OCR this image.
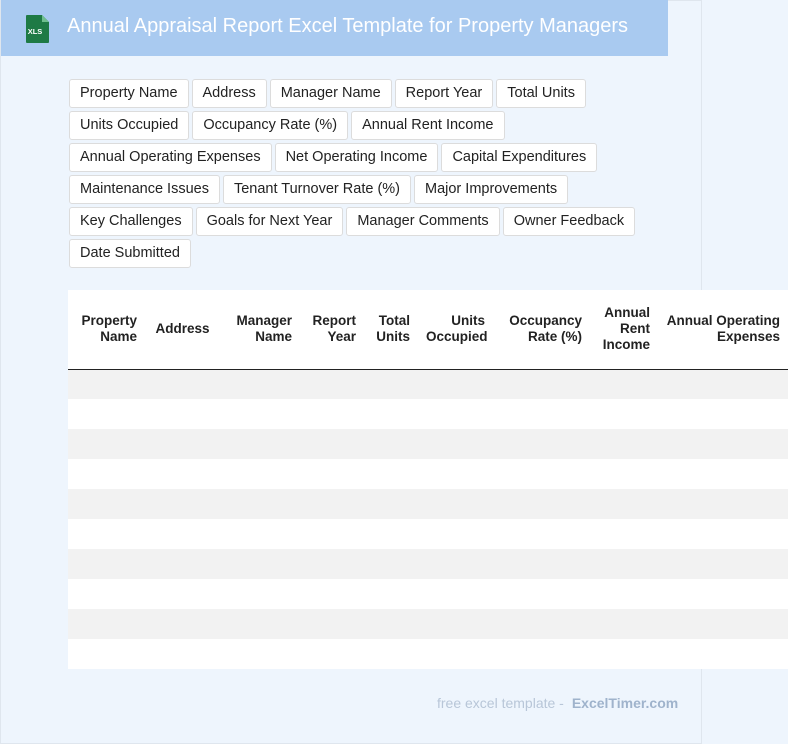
XLS Annual Appraisal Report Excel Template for Property Managers
Property Name	Address	Manager Name	Report Year	Total Units
Units Occupied	Occupancy Rate (%)	Annual Rent Income
Annual Operating Expenses	Net Operating Income	Capital Expenditures
Maintenance Issues	Tenant Turnover Rate (%)	Major Improvements
Key Challenges	Goals for Next Year	Manager Comments	Owner Feedback
Date Submitted
Property Name	Address	Manager Name	Report Year	Total Units	Units Occupied	Occupancy Rate (%)	Annual Rent Income	Annual Operating Expenses

free excel template - ExcelTimer.com
